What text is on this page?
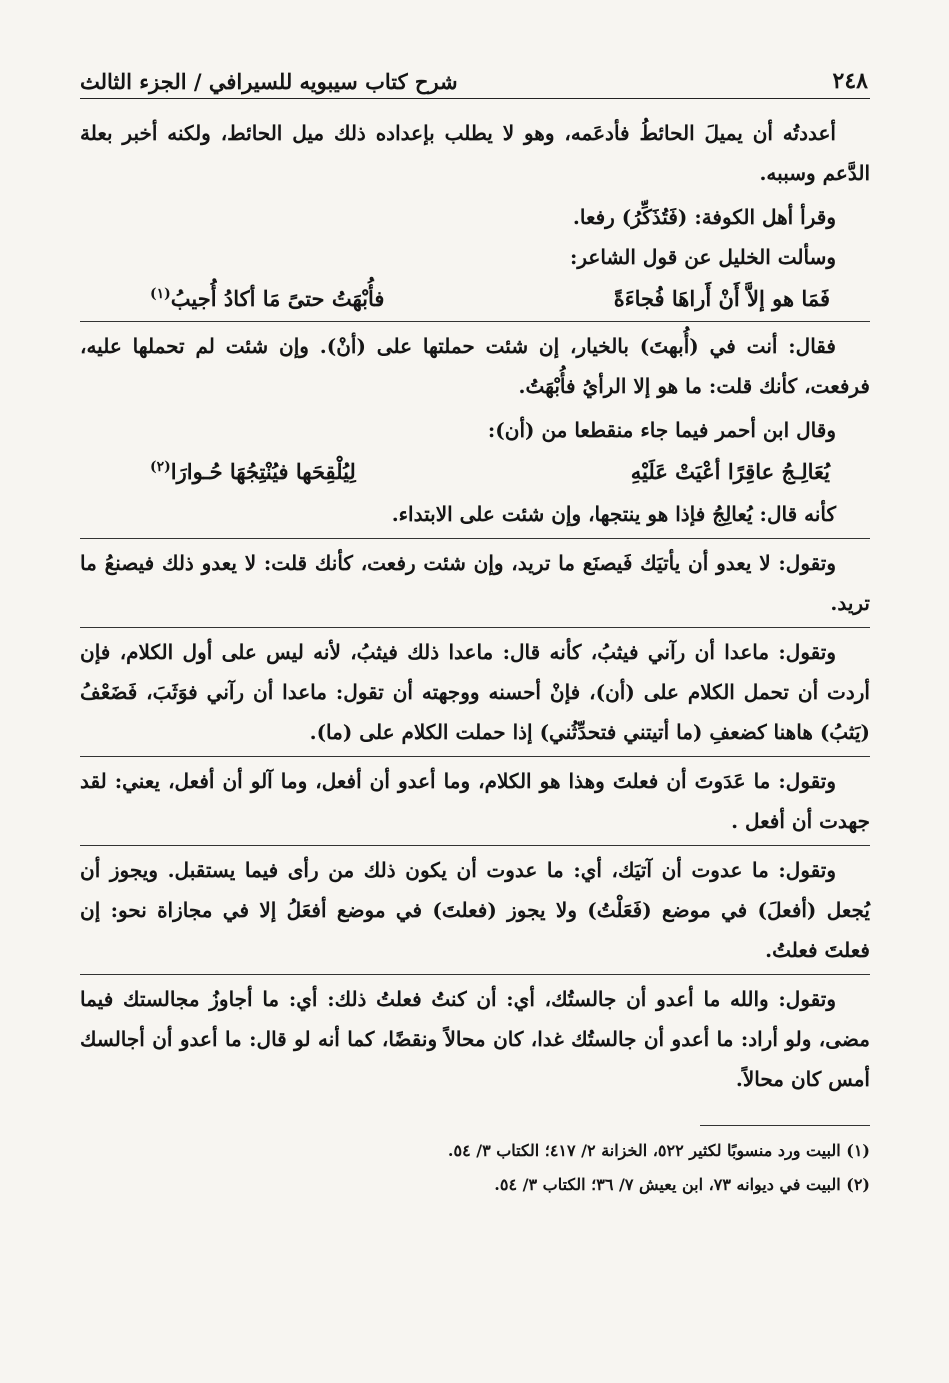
٢٤٨
شرح كتاب سيبويه للسيرافي / الجزء الثالث

أعددتُه أن يميلَ الحائطُ فأدعَمه، وهو لا يطلب بإعداده ذلك ميل الحائط، ولكنه أخبر بعلة الدَّعم وسببه.

وقرأ أهل الكوفة: (فَتُذَكِّرُ) رفعا.

وسألت الخليل عن قول الشاعر:

فَمَا هو إلاَّ أَنْ أَراهَا فُجاءَةً
فأُبْهَتُ حتىً مَا أكادُ أُجيبُ$^{(١)}$

فقال: أنت في (أُبهتَ) بالخيار، إن شئت حملتها على (أنْ). وإن شئت لم تحملها عليه، فرفعت، كأنك قلت: ما هو إلا الرأيُ فأُبْهَتُ.

وقال ابن أحمر فيما جاء منقطعا من (أن):

يُعَالِـجُ عاقِرًا أعْيَتْ عَلَيْهِ
لِيُلْقِحَها فيُنْتِجُهَا حُـوارَا$^{(٢)}$

كأنه قال: يُعالِجُ فإذا هو ينتجها، وإن شئت على الابتداء.

وتقول: لا يعدو أن يأتيَك فَيصنَع ما تريد، وإن شئت رفعت، كأنك قلت: لا يعدو ذلك فيصنعُ ما تريد.

وتقول: ماعدا أن رآني فيثبُ، كأنه قال: ماعدا ذلك فيثبُ، لأنه ليس على أول الكلام، فإن أردت أن تحمل الكلام على (أن)، فإنْ أحسنه ووجهته أن تقول: ماعدا أن رآني فوَثَبَ، فَضَعْفُ (يَثبُ) هاهنا كضعفِ (ما أتيتني فتحدِّثُني) إذا حملت الكلام على (ما).

وتقول: ما عَدَوتَ أن فعلتَ وهذا هو الكلام، وما أعدو أن أفعل، وما آلو أن أفعل، يعني: لقد جهدت أن أفعل .

وتقول: ما عدوت أن آتيَك، أي: ما عدوت أن يكون ذلك من رأى فيما يستقبل. ويجوز أن يُجعل (أفعلَ) في موضع (فَعَلْتُ) ولا يجوز (فعلتَ) في موضع أفعَلُ إلا في مجازاة نحو: إن فعلتَ فعلتُ.

وتقول: والله ما أعدو أن جالستُك، أي: أن كنتُ فعلتُ ذلك: أي: ما أجاوزُ مجالستك فيما مضى، ولو أراد: ما أعدو أن جالستُك غدا، كان محالاً ونقضًا، كما أنه لو قال: ما أعدو أن أجالسك أمس كان محالاً.

(١) البيت ورد منسوبًا لكثير ٥٢٢، الخزانة ٢/ ٤١٧؛ الكتاب ٣/ ٥٤.
(٢) البيت في ديوانه ٧٣، ابن يعيش ٧/ ٣٦؛ الكتاب ٣/ ٥٤.
